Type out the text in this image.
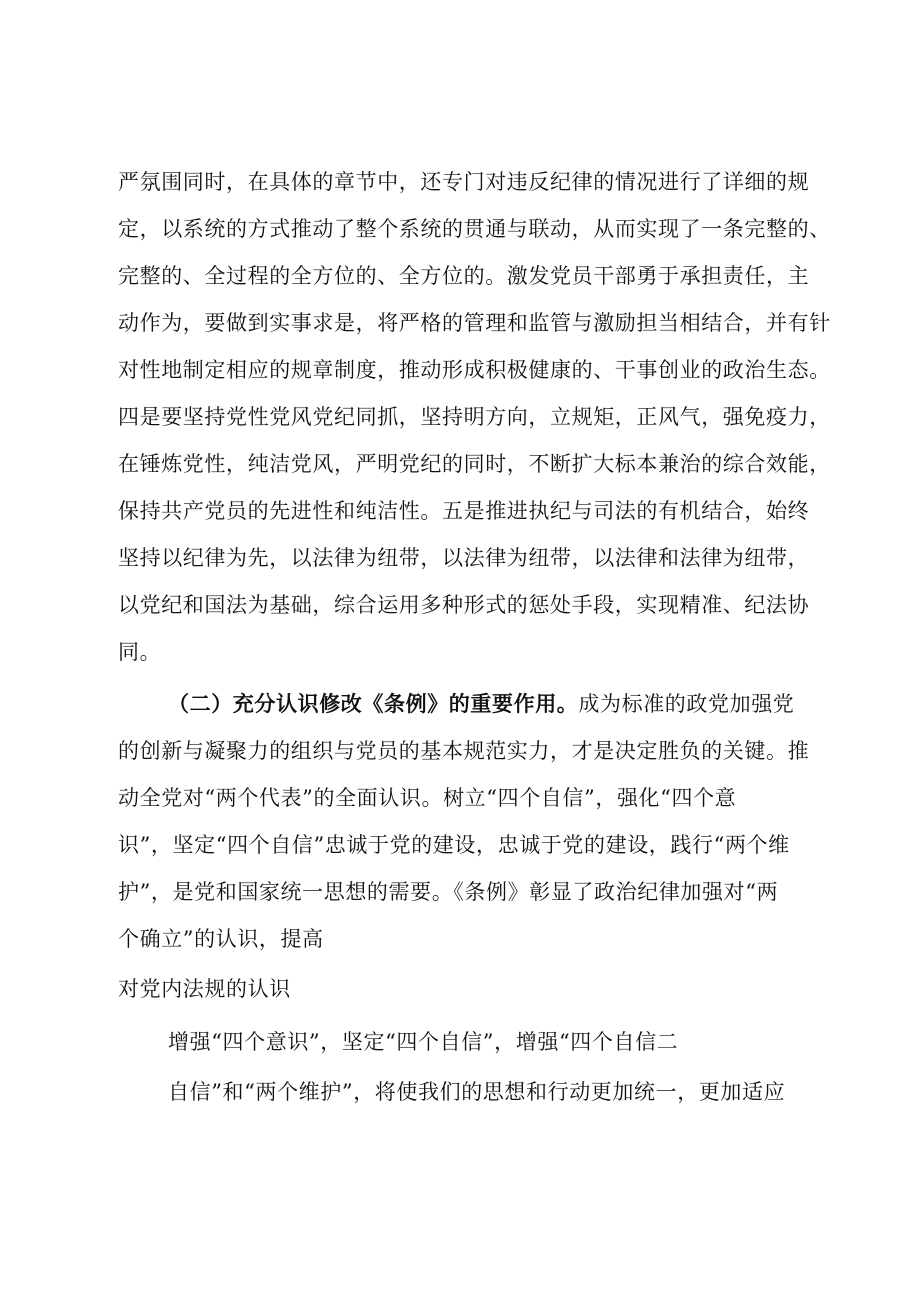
严氛围同时，在具体的章节中，还专门对违反纪律的情况进行了详细的规
定，以系统的方式推动了整个系统的贯通与联动，从而实现了一条完整的、
完整的、全过程的全方位的、全方位的。激发党员干部勇于承担责任，主
动作为，要做到实事求是，将严格的管理和监管与激励担当相结合，并有针
对性地制定相应的规章制度，推动形成积极健康的、干事创业的政治生态。
四是要坚持党性党风党纪同抓，坚持明方向，立规矩，正风气，强免疫力，
在锤炼党性，纯洁党风，严明党纪的同时，不断扩大标本兼治的综合效能，
保持共产党员的先进性和纯洁性。五是推进执纪与司法的有机结合，始终
坚持以纪律为先，以法律为纽带，以法律为纽带，以法律和法律为纽带，
以党纪和国法为基础，综合运用多种形式的惩处手段，实现精准、纪法协
同。
（二）充分认识修改《条例》的重要作用。成为标准的政党加强党
的创新与凝聚力的组织与党员的基本规范实力，才是决定胜负的关键。推
动全党对“两个代表”的全面认识。树立“四个自信”，强化“四个意
识”，坚定“四个自信”忠诚于党的建设，忠诚于党的建设，践行“两个维
护”，是党和国家统一思想的需要。《条例》彰显了政治纪律加强对“两
个确立”的认识，提高
对党内法规的认识
增强“四个意识”，坚定“四个自信”，增强“四个自信二
自信”和“两个维护”，将使我们的思想和行动更加统一，更加适应
